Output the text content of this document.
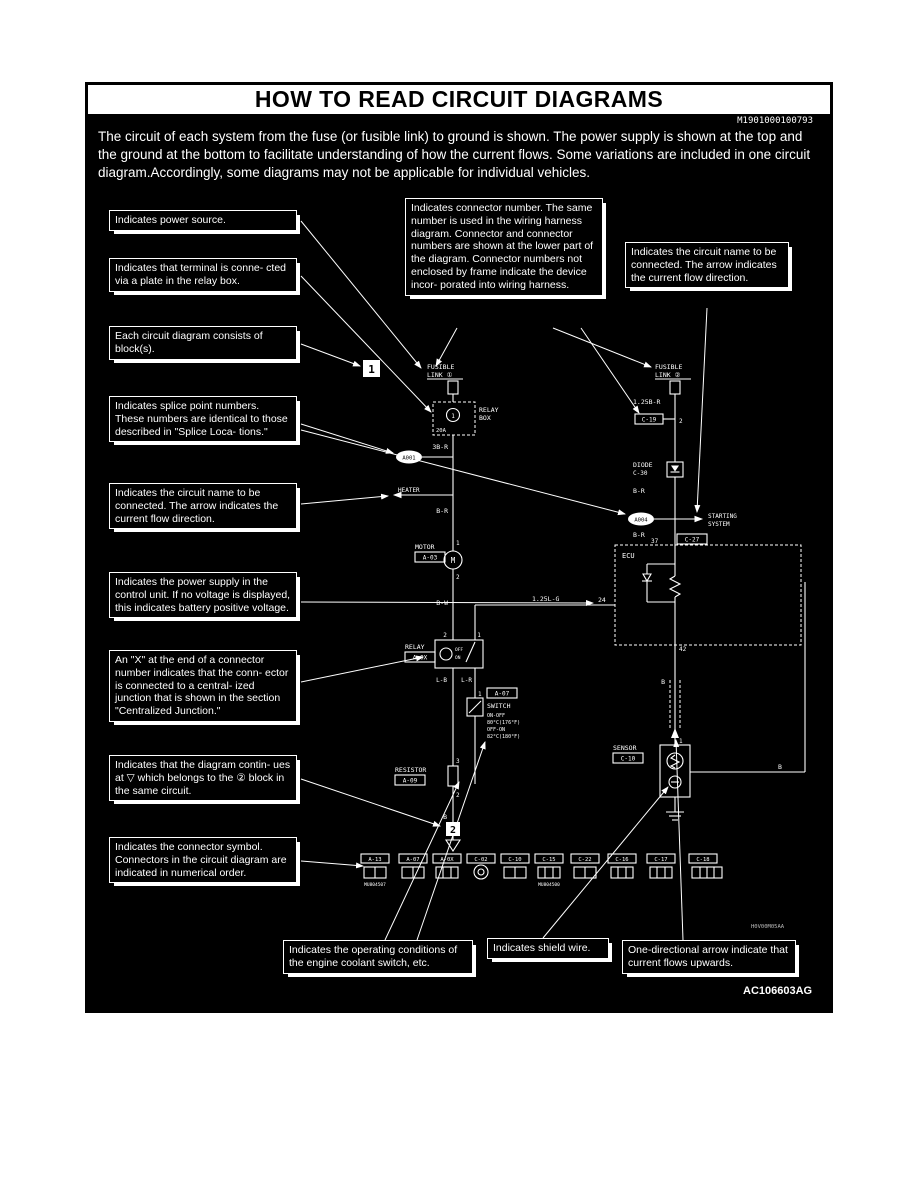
1	FUSIBLE
LINK ①
1
20A
RELAY
BOX
3B-R
A001
HEATER
B-R
1
MOTOR
A-03 M
2
B-W	1.25L-G	24
2	1
OFF
ON
RELAY
A-0X
L-B L-R
1 A-07
SWITCH
ON-OFF
80°C(176°F)
OFF-ON
82°C(180°F)
3
RESISTOR
A-09
2
B
2
FUSIBLE
LINK ②
1.25B-R
C-19	2
DIODE
C-30
B-R
A004
STARTING
SYSTEM
B-R
37	C-27
ECU
42
B
1
SENSOR
C-10
B
A-13
MU804507
A-07	A-0X	C-02	C-10	C-15
MU804500
C-22	C-16	C-17	C-18
H0V00M05AA
HOW TO READ CIRCUIT DIAGRAMS
M1901000100793
The circuit of each system from the fuse (or fusible link) to ground is shown. The power supply is shown at the top and the ground at the bottom to facilitate understanding of how the current flows. Some variations are included in one circuit diagram.Accordingly, some diagrams may not be applicable for individual vehicles.
Indicates power source.
Indicates that terminal is conne- cted via a plate in the relay box.
Each circuit diagram consists of block(s).
Indicates splice point numbers. These numbers are identical to those described in "Splice Loca- tions."
Indicates the circuit name to be connected. The arrow indicates the current flow direction.
Indicates the power supply in the control unit. If no voltage is displayed, this indicates battery positive voltage.
An "X" at the end of a connector number indicates that the conn- ector is connected to a central- ized junction that is shown in the section "Centralized Junction."
Indicates that the diagram contin- ues at ▽ which belongs to the ② block in the same circuit.
Indicates the connector symbol. Connectors in the circuit diagram are indicated in numerical order.
Indicates connector number. The same number is used in the wiring harness diagram. Connector and connector numbers are shown at the lower part of the diagram. Connector numbers not enclosed by frame indicate the device incor- porated into wiring harness.
Indicates the circuit name to be connected. The arrow indicates the current flow direction.
Indicates the operating conditions of the engine coolant switch, etc.
Indicates shield wire.	One-directional arrow indicate that current flows upwards.
AC106603AG
